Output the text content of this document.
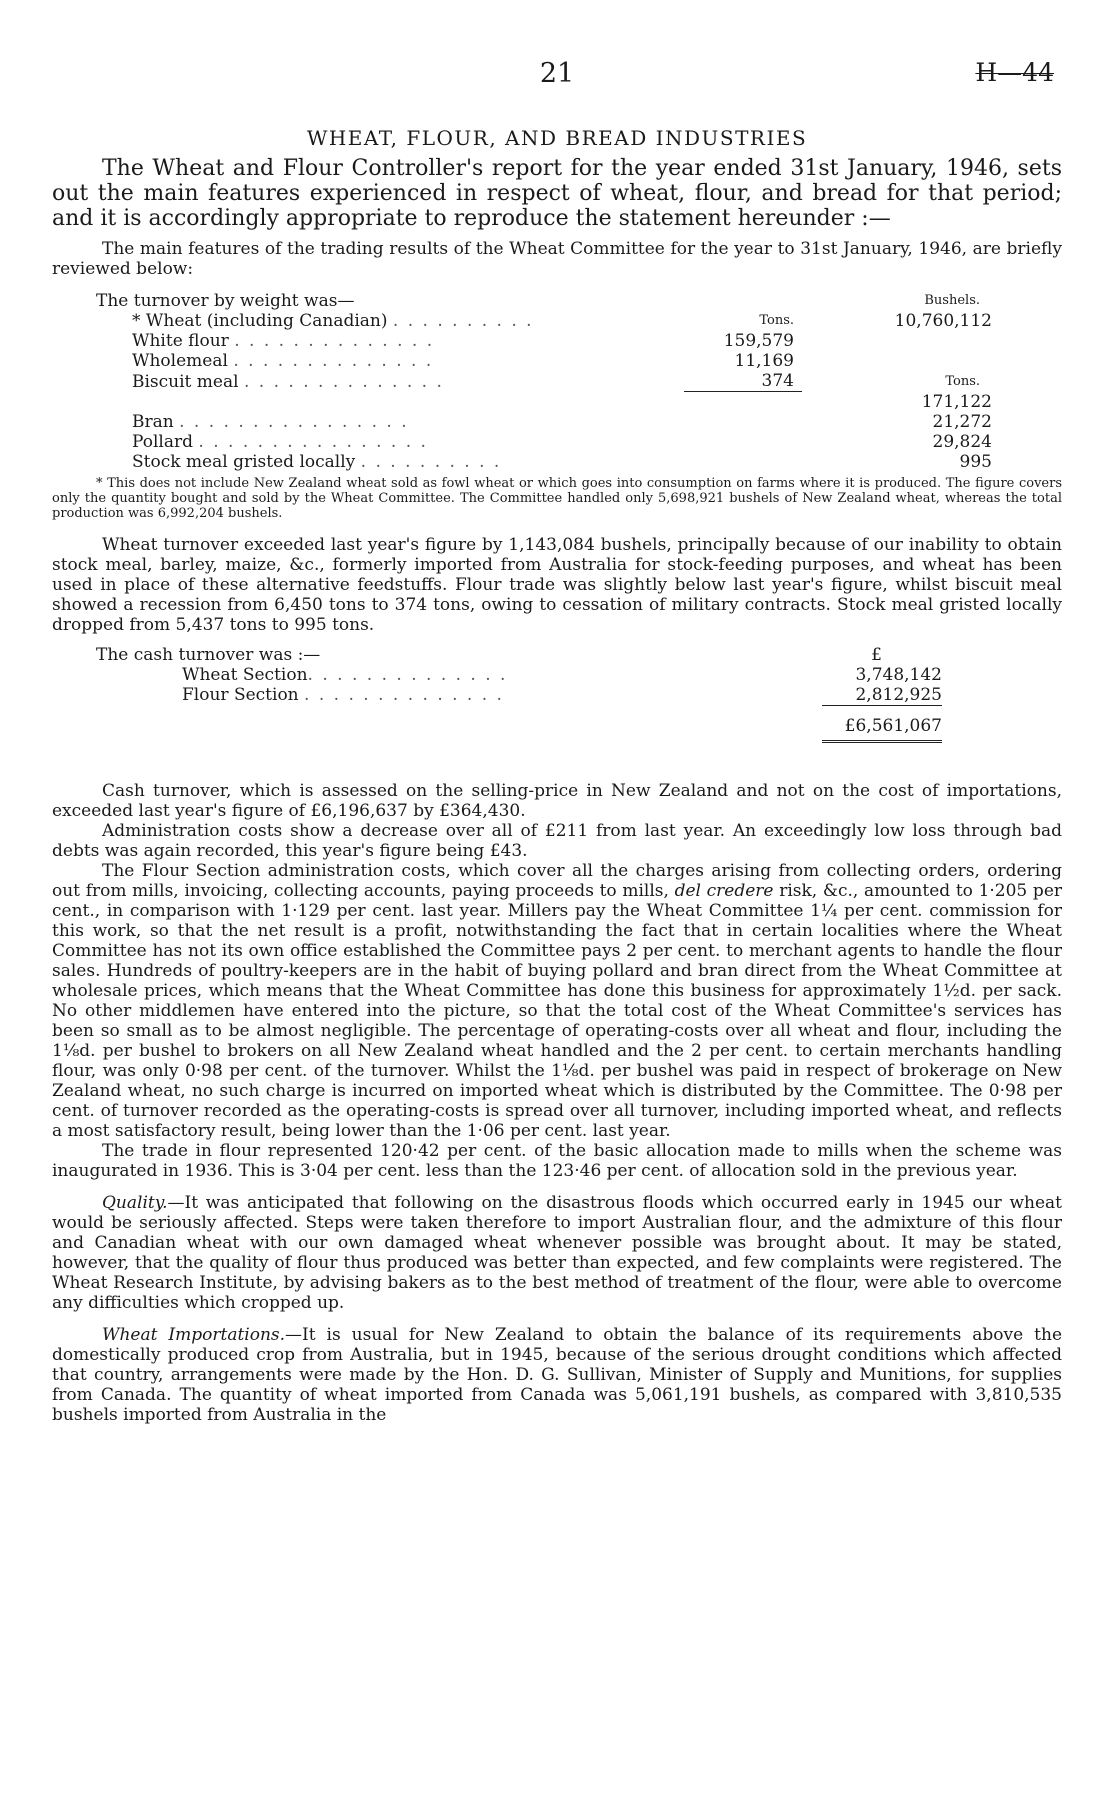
21	H—44
WHEAT, FLOUR, AND BREAD INDUSTRIES
The Wheat and Flour Controller's report for the year ended 31st January, 1946, sets out the main features experienced in respect of wheat, flour, and bread for that period; and it is accordingly appropriate to reproduce the statement hereunder :—

The main features of the trading results of the Wheat Committee for the year to 31st January, 1946, are briefly reviewed below:

The turnover by weight was—			Bushels.
* Wheat (including Canadian) . . . . . . . . . .	Tons.		10,760,112
White flour . . . . . . . . . . . . . .	159,579		
Wholemeal . . . . . . . . . . . . . .	11,169		
Biscuit meal . . . . . . . . . . . . . .	374		Tons.
			171,122
Bran . . . . . . . . . . . . . . . .			21,272
Pollard . . . . . . . . . . . . . . . .			29,824
Stock meal gristed locally . . . . . . . . . .			995
* This does not include New Zealand wheat sold as fowl wheat or which goes into consumption on farms where it is produced. The figure covers only the quantity bought and sold by the Wheat Committee. The Committee handled only 5,698,921 bushels of New Zealand wheat, whereas the total production was 6,992,204 bushels.

Wheat turnover exceeded last year's figure by 1,143,084 bushels, principally because of our inability to obtain stock meal, barley, maize, &c., formerly imported from Australia for stock-feeding purposes, and wheat has been used in place of these alternative feedstuffs. Flour trade was slightly below last year's figure, whilst biscuit meal showed a recession from 6,450 tons to 374 tons, owing to cessation of military contracts. Stock meal gristed locally dropped from 5,437 tons to 995 tons.

The cash turnover was :—	£
Wheat Section. . . . . . . . . . . . . .	3,748,142
Flour Section . . . . . . . . . . . . . .	2,812,925
	£6,561,067

Cash turnover, which is assessed on the selling-price in New Zealand and not on the cost of importations, exceeded last year's figure of £6,196,637 by £364,430.

Administration costs show a decrease over all of £211 from last year. An exceedingly low loss through bad debts was again recorded, this year's figure being £43.

The Flour Section administration costs, which cover all the charges arising from collecting orders, ordering out from mills, invoicing, collecting accounts, paying proceeds to mills, del credere risk, &c., amounted to 1·205 per cent., in comparison with 1·129 per cent. last year. Millers pay the Wheat Committee 1¼ per cent. commission for this work, so that the net result is a profit, notwithstanding the fact that in certain localities where the Wheat Committee has not its own office established the Committee pays 2 per cent. to merchant agents to handle the flour sales. Hundreds of poultry-keepers are in the habit of buying pollard and bran direct from the Wheat Committee at wholesale prices, which means that the Wheat Committee has done this business for approximately 1½d. per sack. No other middlemen have entered into the picture, so that the total cost of the Wheat Committee's services has been so small as to be almost negligible. The percentage of operating-costs over all wheat and flour, including the 1⅛d. per bushel to brokers on all New Zealand wheat handled and the 2 per cent. to certain merchants handling flour, was only 0·98 per cent. of the turnover. Whilst the 1⅛d. per bushel was paid in respect of brokerage on New Zealand wheat, no such charge is incurred on imported wheat which is distributed by the Committee. The 0·98 per cent. of turnover recorded as the operating-costs is spread over all turnover, including imported wheat, and reflects a most satisfactory result, being lower than the 1·06 per cent. last year.

The trade in flour represented 120·42 per cent. of the basic allocation made to mills when the scheme was inaugurated in 1936. This is 3·04 per cent. less than the 123·46 per cent. of allocation sold in the previous year.

Quality.—It was anticipated that following on the disastrous floods which occurred early in 1945 our wheat would be seriously affected. Steps were taken therefore to import Australian flour, and the admixture of this flour and Canadian wheat with our own damaged wheat whenever possible was brought about. It may be stated, however, that the quality of flour thus produced was better than expected, and few complaints were registered. The Wheat Research Institute, by advising bakers as to the best method of treatment of the flour, were able to overcome any difficulties which cropped up.

Wheat Importations.—It is usual for New Zealand to obtain the balance of its requirements above the domestically produced crop from Australia, but in 1945, because of the serious drought conditions which affected that country, arrangements were made by the Hon. D. G. Sullivan, Minister of Supply and Munitions, for supplies from Canada. The quantity of wheat imported from Canada was 5,061,191 bushels, as compared with 3,810,535 bushels imported from Australia in the
